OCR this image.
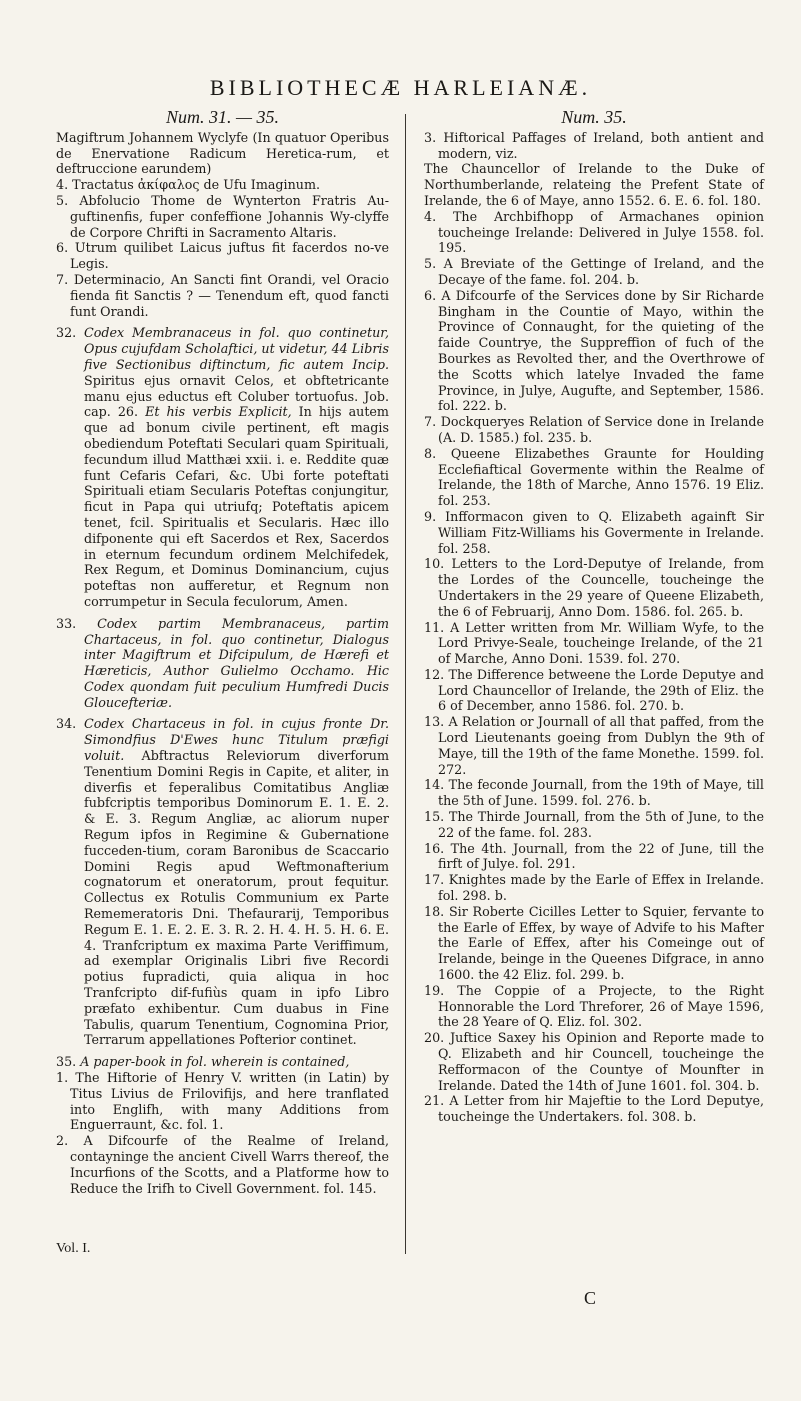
BIBLIOTHECÆ HARLEIANÆ.
Num. 31. — 35.

Magiftrum Johannem Wyclyfe (In quatuor Operibus de Enervatione Radicum Heretica-rum, et deftruccione earundem)

4. Tractatus ἀκίφαλος de Ufu Imaginum.

5. Abfolucio Thome de Wynterton Fratris Au-guftinenfis, fuper confeffione Johannis Wy-clyffe de Corpore Chrifti in Sacramento Altaris.

6. Utrum quilibet Laicus juftus fit facerdos no-ve Legis.

7. Determinacio, An Sancti fint Orandi, vel Oracio fienda fit Sanctis ? — Tenendum eft, quod fancti funt Orandi.

32. Codex Membranaceus in fol. quo continetur, Opus cujufdam Scholaftici, ut videtur, 44 Libris five Sectionibus diftinctum, fic autem Incip. Spiritus ejus ornavit Celos, et obftetricante manu ejus eductus eft Coluber tortuofus. Job. cap. 26. Et his verbis Explicit, In hijs autem que ad bonum civile pertinent, eft magis obediendum Poteftati Seculari quam Spirituali, fecundum illud Matthæi xxii. i. e. Reddite quæ funt Cefaris Cefari, &c. Ubi forte poteftati Spirituali etiam Secularis Poteftas conjungitur, ficut in Papa qui utriufq; Poteftatis apicem tenet, fcil. Spiritualis et Secularis. Hæc illo difponente qui eft Sacerdos et Rex, Sacerdos in eternum fecundum ordinem Melchifedek, Rex Regum, et Dominus Dominancium, cujus poteftas non aufferetur, et Regnum non corrumpetur in Secula feculorum, Amen.

33. Codex partim Membranaceus, partim Chartaceus, in fol. quo continetur, Dialogus inter Magiftrum et Difcipulum, de Hærefi et Hæreticis, Author Gulielmo Occhamo. Hic Codex quondam fuit peculium Humfredi Ducis Gloucefteriæ.

34. Codex Chartaceus in fol. in cujus fronte Dr. Simondfius D'Ewes hunc Titulum præfigi voluit. Abftractus Releviorum diverforum Tenentium Domini Regis in Capite, et aliter, in diverfis et feperalibus Comitatibus Angliæ fubfcriptis temporibus Dominorum E. 1. E. 2. & E. 3. Regum Angliæ, ac aliorum nuper Regum ipfos in Regimine & Gubernatione fucceden-tium, coram Baronibus de Scaccario Domini Regis apud Weftmonafterium cognatorum et oneratorum, prout fequitur. Collectus ex Rotulis Communium ex Parte Rememeratoris Dni. Thefaurarij, Temporibus Regum E. 1. E. 2. E. 3. R. 2. H. 4. H. 5. H. 6. E. 4. Tranfcriptum ex maxima Parte Veriffimum, ad exemplar Originalis Libri five Recordi potius fupradicti, quia aliqua in hoc Tranfcripto dif-fufiùs quam in ipfo Libro præfato exhibentur. Cum duabus in Fine Tabulis, quarum Tenentium, Cognomina Prior, Terrarum appellationes Pofterior continet.

35. A paper-book in fol. wherein is contained,

1. The Hiftorie of Henry V. written (in Latin) by Titus Livius de Frilovifijs, and here tranflated into Englifh, with many Additions from Enguerraunt, &c. fol. 1.

2. A Difcourfe of the Realme of Ireland, contayninge the ancient Civell Warrs thereof, the Incurfions of the Scotts, and a Platforme how to Reduce the Irifh to Civell Government. fol. 145.

Num. 35.

3. Hiftorical Paffages of Ireland, both antient and modern, viz.

The Chauncellor of Irelande to the Duke of Northumberlande, relateing the Prefent State of Irelande, the 6 of Maye, anno 1552. 6. E. 6. fol. 180.

4. The Archbifhopp of Armachanes opinion toucheinge Irelande: Delivered in Julye 1558. fol. 195.

5. A Breviate of the Gettinge of Ireland, and the Decaye of the fame. fol. 204. b.

6. A Difcourfe of the Services done by Sir Richarde Bingham in the Countie of Mayo, within the Province of Connaught, for the quieting of the faide Countrye, the Suppreffion of fuch of the Bourkes as Revolted ther, and the Overthrowe of the Scotts which latelye Invaded the fame Province, in Julye, Augufte, and September, 1586. fol. 222. b.

7. Dockqueryes Relation of Service done in Irelande (A. D. 1585.) fol. 235. b.

8. Queene Elizabethes Graunte for Houlding Ecclefiaftical Govermente within the Realme of Irelande, the 18th of Marche, Anno 1576. 19 Eliz. fol. 253.

9. Infformacon given to Q. Elizabeth againft Sir William Fitz-Williams his Govermente in Irelande. fol. 258.

10. Letters to the Lord-Deputye of Irelande, from the Lordes of the Councelle, toucheinge the Undertakers in the 29 yeare of Queene Elizabeth, the 6 of Februarij, Anno Dom. 1586. fol. 265. b.

11. A Letter written from Mr. William Wyfe, to the Lord Privye-Seale, toucheinge Irelande, of the 21 of Marche, Anno Doni. 1539. fol. 270.

12. The Difference betweene the Lorde Deputye and Lord Chauncellor of Irelande, the 29th of Eliz. the 6 of December, anno 1586. fol. 270. b.

13. A Relation or Journall of all that paffed, from the Lord Lieutenants goeing from Dublyn the 9th of Maye, till the 19th of the fame Monethe. 1599. fol. 272.

14. The feconde Journall, from the 19th of Maye, till the 5th of June. 1599. fol. 276. b.

15. The Thirde Journall, from the 5th of June, to the 22 of the fame. fol. 283.

16. The 4th. Journall, from the 22 of June, till the firft of Julye. fol. 291.

17. Knightes made by the Earle of Effex in Irelande. fol. 298. b.

18. Sir Roberte Cicilles Letter to Squier, fervante to the Earle of Effex, by waye of Advife to his Mafter the Earle of Effex, after his Comeinge out of Irelande, beinge in the Queenes Difgrace, in anno 1600. the 42 Eliz. fol. 299. b.

19. The Coppie of a Projecte, to the Right Honnorable the Lord Threforer, 26 of Maye 1596, the 28 Yeare of Q. Eliz. fol. 302.

20. Juftice Saxey his Opinion and Reporte made to Q. Elizabeth and hir Councell, toucheinge the Refformacon of the Countye of Mounfter in Irelande. Dated the 14th of June 1601. fol. 304. b.

21. A Letter from hir Majeftie to the Lord Deputye, toucheinge the Undertakers. fol. 308. b.

Vol. I.
C
